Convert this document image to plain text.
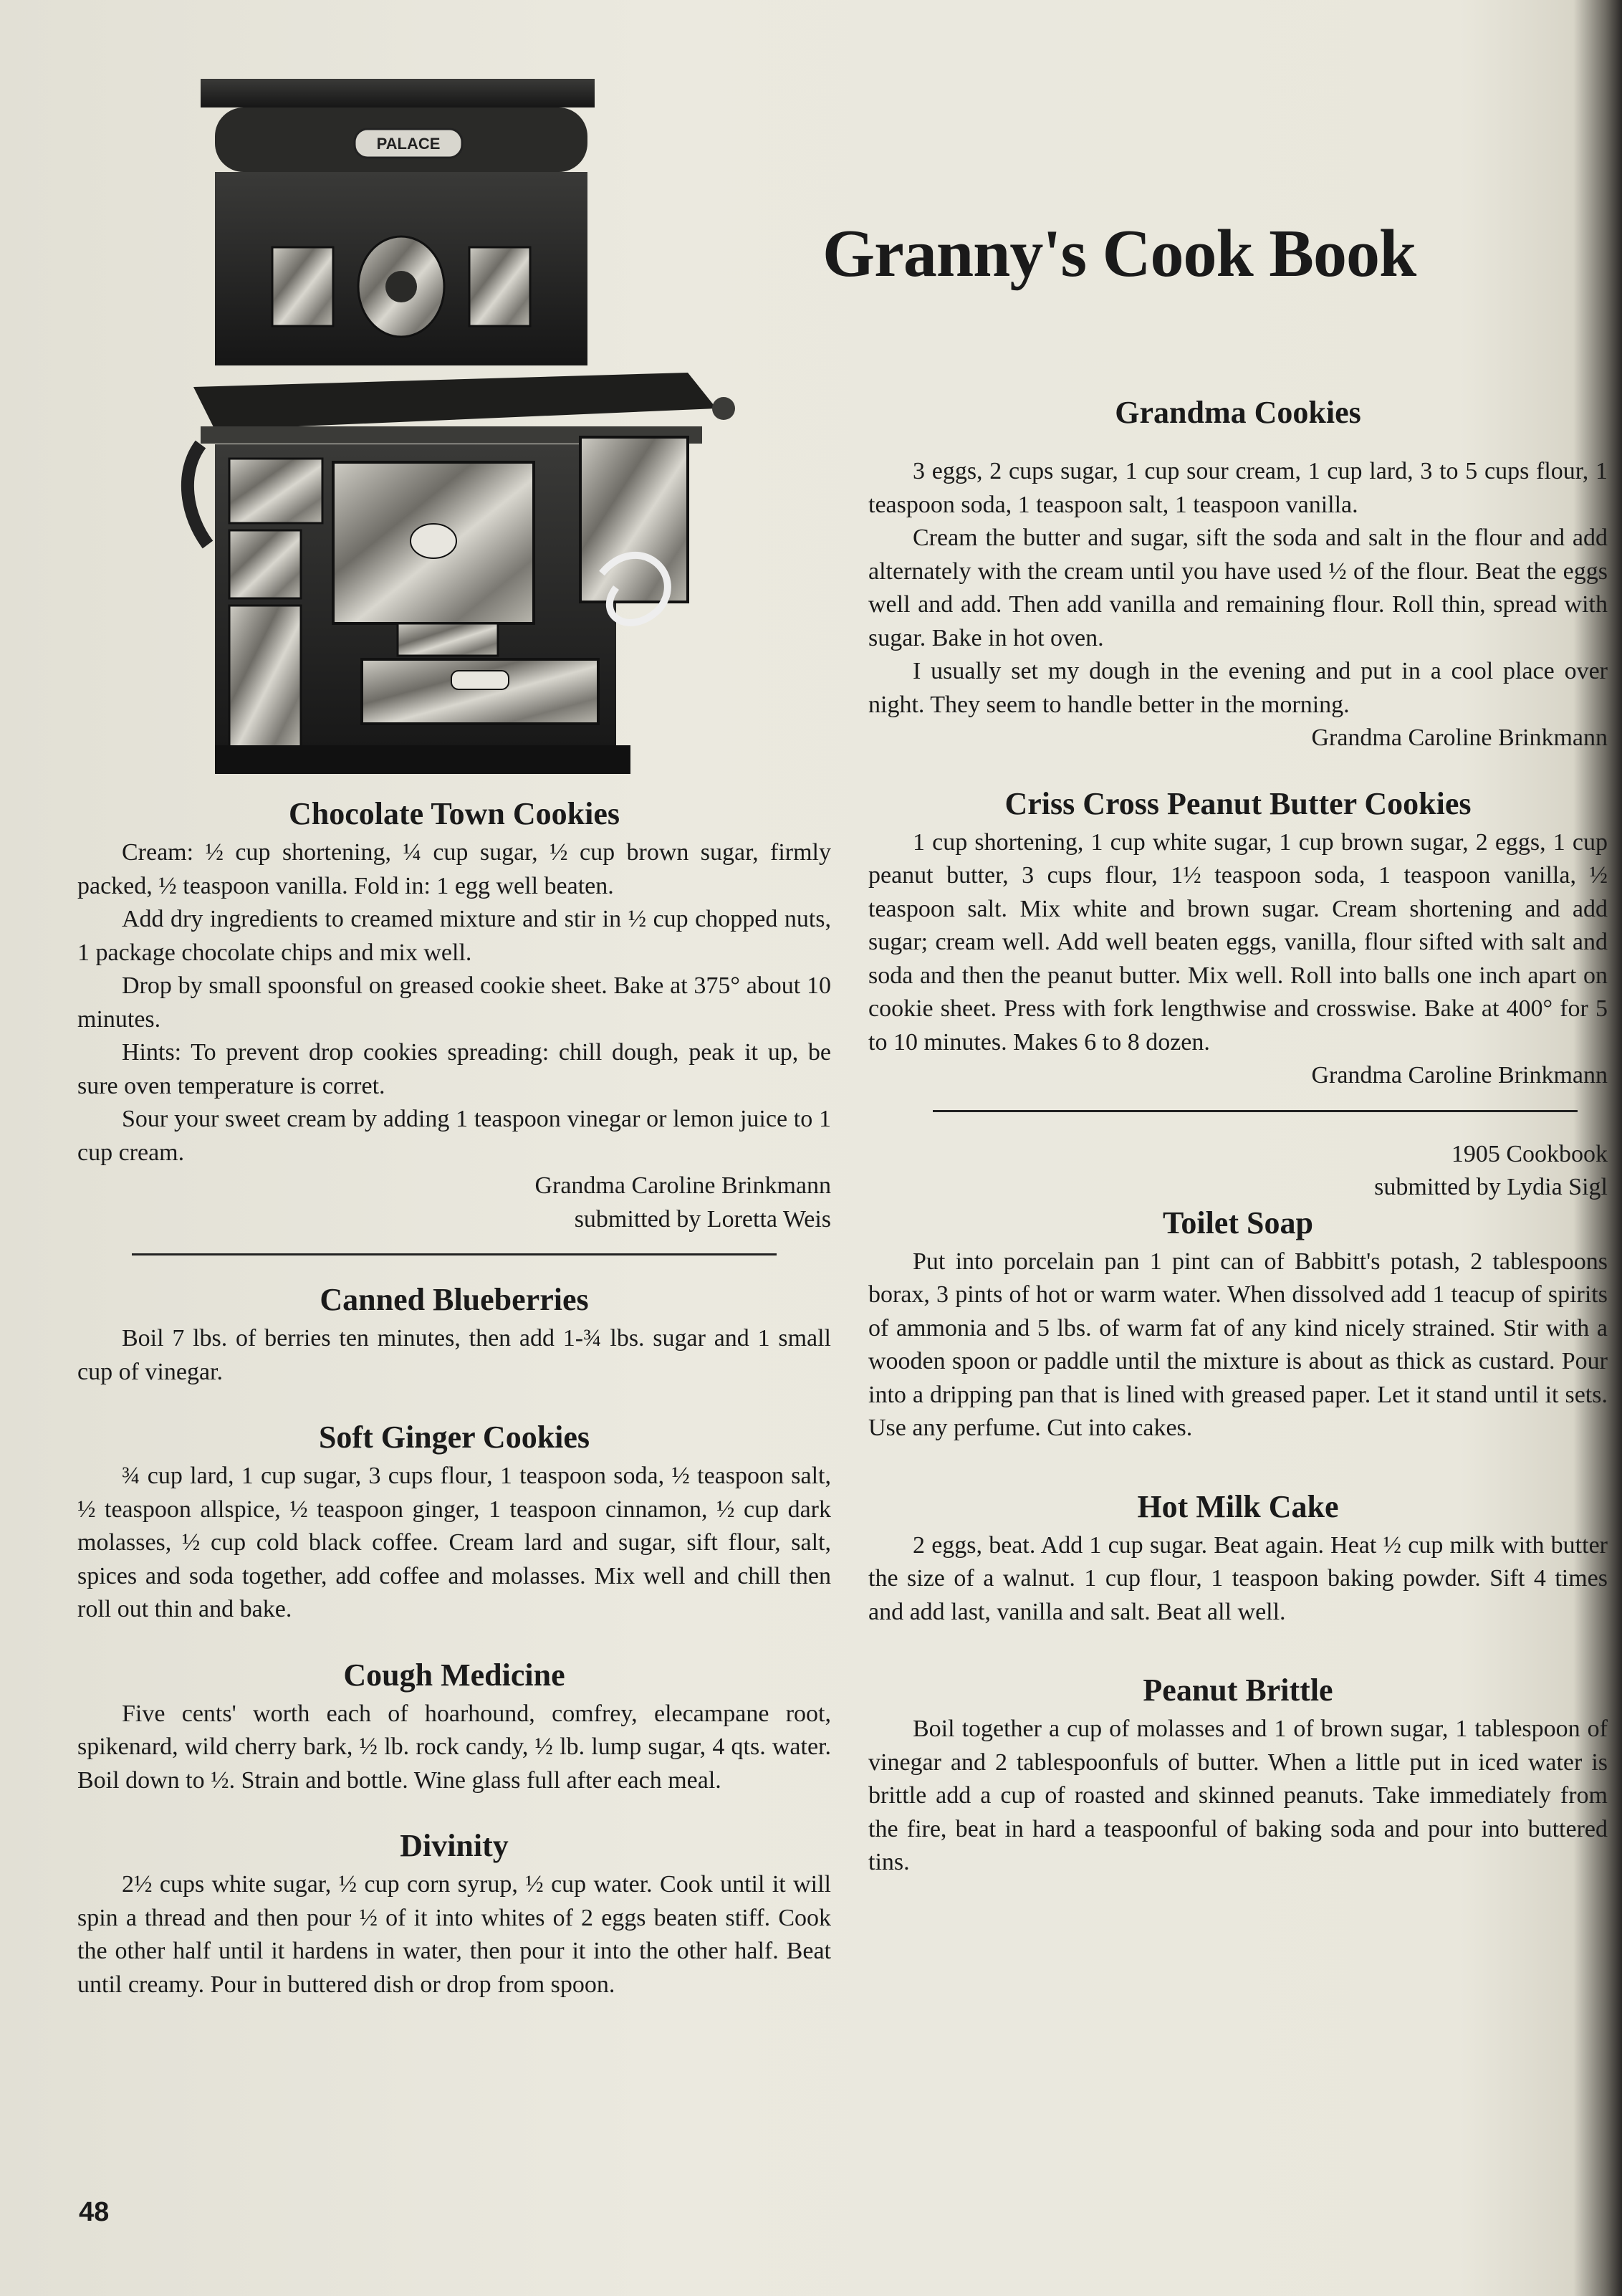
PALACE
Granny's Cook Book
Chocolate Town Cookies

Cream: ½ cup shortening, ¼ cup sugar, ½ cup brown sugar, firmly packed, ½ teaspoon vanilla. Fold in: 1 egg well beaten.

Add dry ingredients to creamed mixture and stir in ½ cup chopped nuts, 1 package chocolate chips and mix well.

Drop by small spoonsful on greased cookie sheet. Bake at 375° about 10 minutes.

Hints: To prevent drop cookies spreading: chill dough, peak it up, be sure oven temperature is corret.

Sour your sweet cream by adding 1 teaspoon vinegar or lemon juice to 1 cup cream.

Grandma Caroline Brinkmann

submitted by Loretta Weis

Canned Blueberries

Boil 7 lbs. of berries ten minutes, then add 1-¾ lbs. sugar and 1 small cup of vinegar.

Soft Ginger Cookies

¾ cup lard, 1 cup sugar, 3 cups flour, 1 teaspoon soda, ½ teaspoon salt, ½ teaspoon allspice, ½ teaspoon ginger, 1 teaspoon cinnamon, ½ cup dark molasses, ½ cup cold black coffee. Cream lard and sugar, sift flour, salt, spices and soda together, add coffee and molasses. Mix well and chill then roll out thin and bake.

Cough Medicine

Five cents' worth each of hoarhound, comfrey, elecampane root, spikenard, wild cherry bark, ½ lb. rock candy, ½ lb. lump sugar, 4 qts. water. Boil down to ½. Strain and bottle. Wine glass full after each meal.

Divinity

2½ cups white sugar, ½ cup corn syrup, ½ cup water. Cook until it will spin a thread and then pour ½ of it into whites of 2 eggs beaten stiff. Cook the other half until it hardens in water, then pour it into the other half. Beat until creamy. Pour in buttered dish or drop from spoon.

Grandma Cookies

3 eggs, 2 cups sugar, 1 cup sour cream, 1 cup lard, 3 to 5 cups flour, 1 teaspoon soda, 1 teaspoon salt, 1 teaspoon vanilla.

Cream the butter and sugar, sift the soda and salt in the flour and add alternately with the cream until you have used ½ of the flour. Beat the eggs well and add. Then add vanilla and remaining flour. Roll thin, spread with sugar. Bake in hot oven.

I usually set my dough in the evening and put in a cool place over night. They seem to handle better in the morning.

Grandma Caroline Brinkmann

Criss Cross Peanut Butter Cookies

1 cup shortening, 1 cup white sugar, 1 cup brown sugar, 2 eggs, 1 cup peanut butter, 3 cups flour, 1½ teaspoon soda, 1 teaspoon vanilla, ½ teaspoon salt. Mix white and brown sugar. Cream shortening and add sugar; cream well. Add well beaten eggs, vanilla, flour sifted with salt and soda and then the peanut butter. Mix well. Roll into balls one inch apart on cookie sheet. Press with fork lengthwise and crosswise. Bake at 400° for 5 to 10 minutes. Makes 6 to 8 dozen.

Grandma Caroline Brinkmann

1905 Cookbook

submitted by Lydia Sigl

Toilet Soap

Put into porcelain pan 1 pint can of Babbitt's potash, 2 tablespoons borax, 3 pints of hot or warm water. When dissolved add 1 teacup of spirits of ammonia and 5 lbs. of warm fat of any kind nicely strained. Stir with a wooden spoon or paddle until the mixture is about as thick as custard. Pour into a dripping pan that is lined with greased paper. Let it stand until it sets. Use any perfume. Cut into cakes.

Hot Milk Cake

2 eggs, beat. Add 1 cup sugar. Beat again. Heat ½ cup milk with butter the size of a walnut. 1 cup flour, 1 teaspoon baking powder. Sift 4 times and add last, vanilla and salt. Beat all well.

Peanut Brittle

Boil together a cup of molasses and 1 of brown sugar, 1 tablespoon of vinegar and 2 tablespoonfuls of butter. When a little put in iced water is brittle add a cup of roasted and skinned peanuts. Take immediately from the fire, beat in hard a teaspoonful of baking soda and pour into buttered tins.

48
